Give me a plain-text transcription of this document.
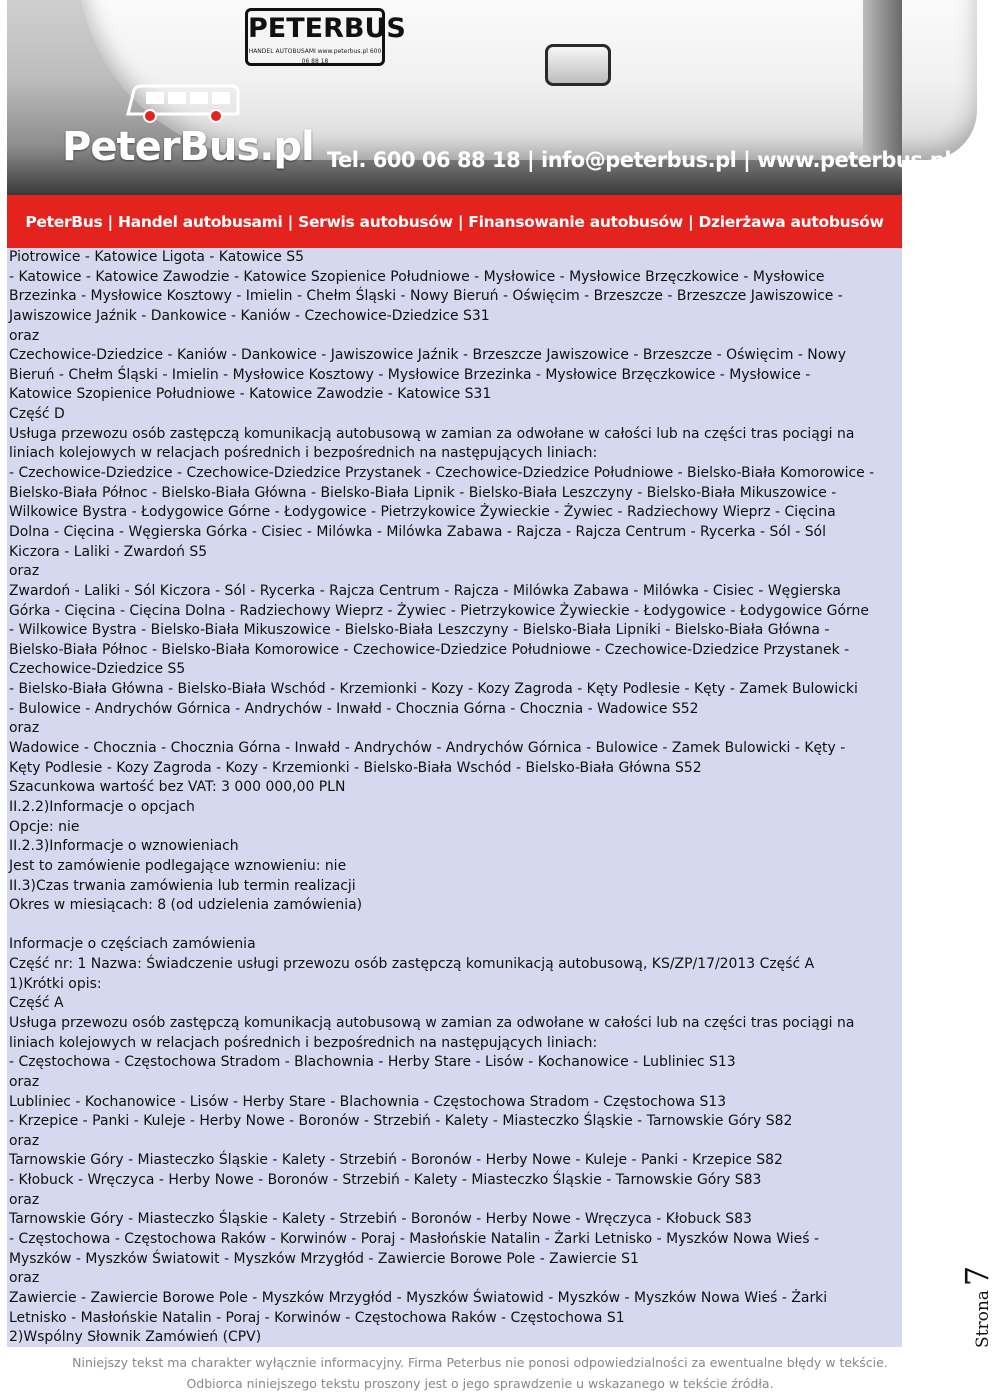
PETERBUS
HANDEL AUTOBUSAMI www.peterbus.pl 600 06 88 18
PeterBus.pl Tel. 600 06 88 18 | info@peterbus.pl | www.peterbus.pl
PeterBus | Handel autobusami | Serwis autobusów | Finansowanie autobusów | Dzierżawa autobusów
Piotrowice - Katowice Ligota - Katowice S5
- Katowice - Katowice Zawodzie - Katowice Szopienice Południowe - Mysłowice - Mysłowice Brzęczkowice - Mysłowice
Brzezinka - Mysłowice Kosztowy - Imielin - Chełm Śląski - Nowy Bieruń - Oświęcim - Brzeszcze - Brzeszcze Jawiszowice -
Jawiszowice Jaźnik - Dankowice - Kaniów - Czechowice-Dziedzice S31
oraz
Czechowice-Dziedzice - Kaniów - Dankowice - Jawiszowice Jaźnik - Brzeszcze Jawiszowice - Brzeszcze - Oświęcim - Nowy
Bieruń - Chełm Śląski - Imielin - Mysłowice Kosztowy - Mysłowice Brzezinka - Mysłowice Brzęczkowice - Mysłowice -
Katowice Szopienice Południowe - Katowice Zawodzie - Katowice S31
Część D
Usługa przewozu osób zastępczą komunikacją autobusową w zamian za odwołane w całości lub na części tras pociągi na
liniach kolejowych w relacjach pośrednich i bezpośrednich na następujących liniach:
- Czechowice-Dziedzice - Czechowice-Dziedzice Przystanek - Czechowice-Dziedzice Południowe - Bielsko-Biała Komorowice -
Bielsko-Biała Północ - Bielsko-Biała Główna - Bielsko-Biała Lipnik - Bielsko-Biała Leszczyny - Bielsko-Biała Mikuszowice -
Wilkowice Bystra - Łodygowice Górne - Łodygowice - Pietrzykowice Żywieckie - Żywiec - Radziechowy Wieprz - Cięcina
Dolna - Cięcina - Węgierska Górka - Cisiec - Milówka - Milówka Zabawa - Rajcza - Rajcza Centrum - Rycerka - Sól - Sól
Kiczora - Laliki - Zwardoń S5
oraz
Zwardoń - Laliki - Sól Kiczora - Sól - Rycerka - Rajcza Centrum - Rajcza - Milówka Zabawa - Milówka - Cisiec - Węgierska
Górka - Cięcina - Cięcina Dolna - Radziechowy Wieprz - Żywiec - Pietrzykowice Żywieckie - Łodygowice - Łodygowice Górne
- Wilkowice Bystra - Bielsko-Biała Mikuszowice - Bielsko-Biała Leszczyny - Bielsko-Biała Lipniki - Bielsko-Biała Główna -
Bielsko-Biała Północ - Bielsko-Biała Komorowice - Czechowice-Dziedzice Południowe - Czechowice-Dziedzice Przystanek -
Czechowice-Dziedzice S5
- Bielsko-Biała Główna - Bielsko-Biała Wschód - Krzemionki - Kozy - Kozy Zagroda - Kęty Podlesie - Kęty - Zamek Bulowicki
- Bulowice - Andrychów Górnica - Andrychów - Inwałd - Chocznia Górna - Chocznia - Wadowice S52
oraz
Wadowice - Chocznia - Chocznia Górna - Inwałd - Andrychów - Andrychów Górnica - Bulowice - Zamek Bulowicki - Kęty -
Kęty Podlesie - Kozy Zagroda - Kozy - Krzemionki - Bielsko-Biała Wschód - Bielsko-Biała Główna S52
Szacunkowa wartość bez VAT: 3 000 000,00 PLN
II.2.2)Informacje o opcjach
Opcje: nie
II.2.3)Informacje o wznowieniach
Jest to zamówienie podlegające wznowieniu: nie
II.3)Czas trwania zamówienia lub termin realizacji
Okres w miesiącach: 8 (od udzielenia zamówienia)
Informacje o częściach zamówienia
Część nr: 1 Nazwa: Świadczenie usługi przewozu osób zastępczą komunikacją autobusową, KS/ZP/17/2013 Część A
1)Krótki opis:
Część A
Usługa przewozu osób zastępczą komunikacją autobusową w zamian za odwołane w całości lub na części tras pociągi na
liniach kolejowych w relacjach pośrednich i bezpośrednich na następujących liniach:
- Częstochowa - Częstochowa Stradom - Blachownia - Herby Stare - Lisów - Kochanowice - Lubliniec S13
oraz
Lubliniec - Kochanowice - Lisów - Herby Stare - Blachownia - Częstochowa Stradom - Częstochowa S13
- Krzepice - Panki - Kuleje - Herby Nowe - Boronów - Strzebiń - Kalety - Miasteczko Śląskie - Tarnowskie Góry S82
oraz
Tarnowskie Góry - Miasteczko Śląskie - Kalety - Strzebiń - Boronów - Herby Nowe - Kuleje - Panki - Krzepice S82
- Kłobuck - Wręczyca - Herby Nowe - Boronów - Strzebiń - Kalety - Miasteczko Śląskie - Tarnowskie Góry S83
oraz
Tarnowskie Góry - Miasteczko Śląskie - Kalety - Strzebiń - Boronów - Herby Nowe - Wręczyca - Kłobuck S83
- Częstochowa - Częstochowa Raków - Korwinów - Poraj - Masłońskie Natalin - Żarki Letnisko - Myszków Nowa Wieś -
Myszków - Myszków Światowit - Myszków Mrzygłód - Zawiercie Borowe Pole - Zawiercie S1
oraz
Zawiercie - Zawiercie Borowe Pole - Myszków Mrzygłód - Myszków Światowid - Myszków - Myszków Nowa Wieś - Żarki
Letnisko - Masłońskie Natalin - Poraj - Korwinów - Częstochowa Raków - Częstochowa S1
2)Wspólny Słownik Zamówień (CPV)	Strona7
Niniejszy tekst ma charakter wyłącznie informacyjny. Firma Peterbus nie ponosi odpowiedzialności za ewentualne błędy w tekście.
Odbiorca niniejszego tekstu proszony jest o jego sprawdzenie u wskazanego w tekście źródła.
